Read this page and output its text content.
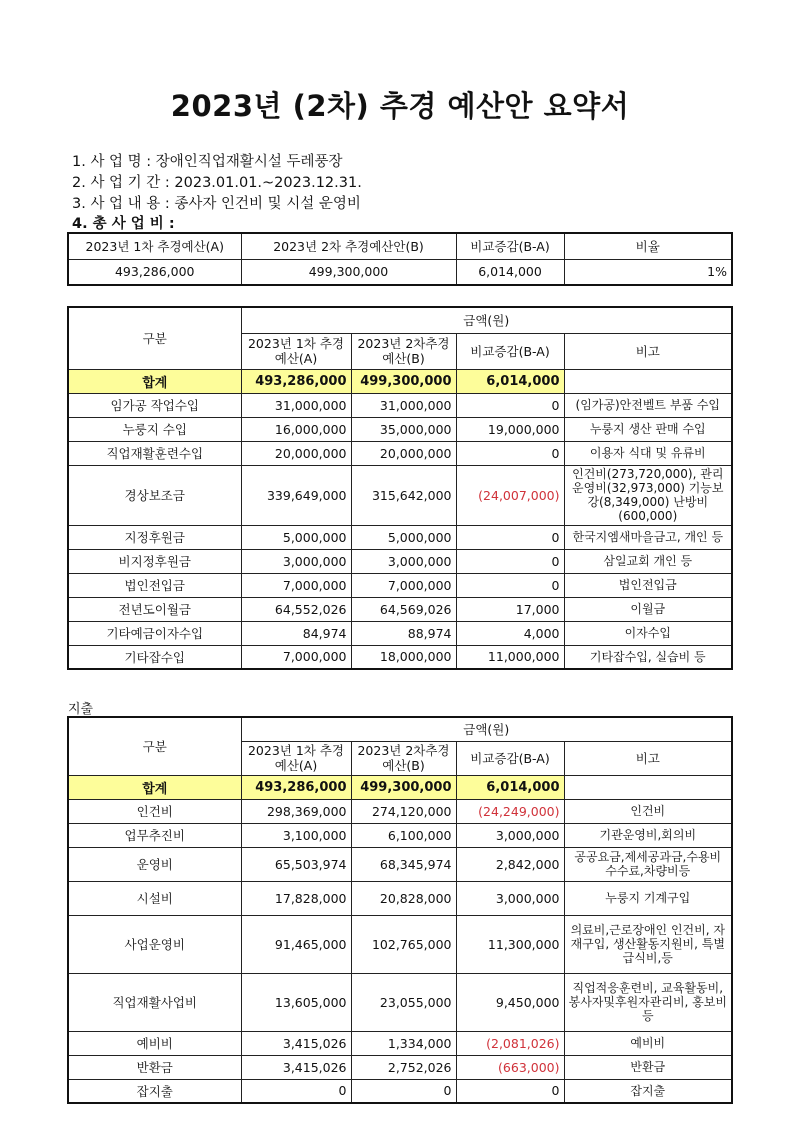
2023년 (2차) 추경 예산안 요약서
1. 사 업 명 : 장애인직업재활시설 두레풍장
2. 사 업 기 간 : 2023.01.01.~2023.12.31.
3. 사 업 내 용 : 종사자 인건비 및 시설 운영비
4. 총 사 업 비 :
2023년 1차 추경예산(A)	2023년 2차 추경예산안(B)	비교증감(B-A)	비율
493,286,000	499,300,000	6,014,000	1%
구분	금액(원)			
	2023년 1차 추경예산(A)	2023년 2차추경 예산(B)	비교증감(B-A)	비고
합계	493,286,000	499,300,000	6,014,000	
임가공 작업수입	31,000,000	31,000,000	0	(임가공)안전벨트 부품 수입
누룽지 수입	16,000,000	35,000,000	19,000,000	누룽지 생산 판매 수입
직업재활훈련수입	20,000,000	20,000,000	0	이용자 식대 및 유류비
경상보조금	339,649,000	315,642,000	(24,007,000)	인건비(273,720,000), 관리운영비(32,973,000) 기능보강(8,349,000) 난방비(600,000)
지정후원금	5,000,000	5,000,000	0	한국지엠새마을금고, 개인 등
비지정후원금	3,000,000	3,000,000	0	삼일교회 개인 등
법인전입금	7,000,000	7,000,000	0	법인전입금
전년도이월금	64,552,026	64,569,026	17,000	이월금
기타예금이자수입	84,974	88,974	4,000	이자수입
기타잡수입	7,000,000	18,000,000	11,000,000	기타잡수입, 실습비 등
지출
구분	금액(원)			
	2023년 1차 추경예산(A)	2023년 2차추경 예산(B)	비교증감(B-A)	비고
합계	493,286,000	499,300,000	6,014,000	
인건비	298,369,000	274,120,000	(24,249,000)	인건비
업무추진비	3,100,000	6,100,000	3,000,000	기관운영비,회의비
운영비	65,503,974	68,345,974	2,842,000	공공요금,제세공과금,수용비 수수료,차량비등
시설비	17,828,000	20,828,000	3,000,000	누룽지 기계구입
사업운영비	91,465,000	102,765,000	11,300,000	의료비,근로장애인 인건비, 자재구입, 생산활동지원비, 특별급식비,등
직업재활사업비	13,605,000	23,055,000	9,450,000	직업적응훈련비, 교육활동비,봉사자및후원자관리비, 홍보비 등
예비비	3,415,026	1,334,000	(2,081,026)	예비비
반환금	3,415,026	2,752,026	(663,000)	반환금
잡지출	0	0	0	잡지출
